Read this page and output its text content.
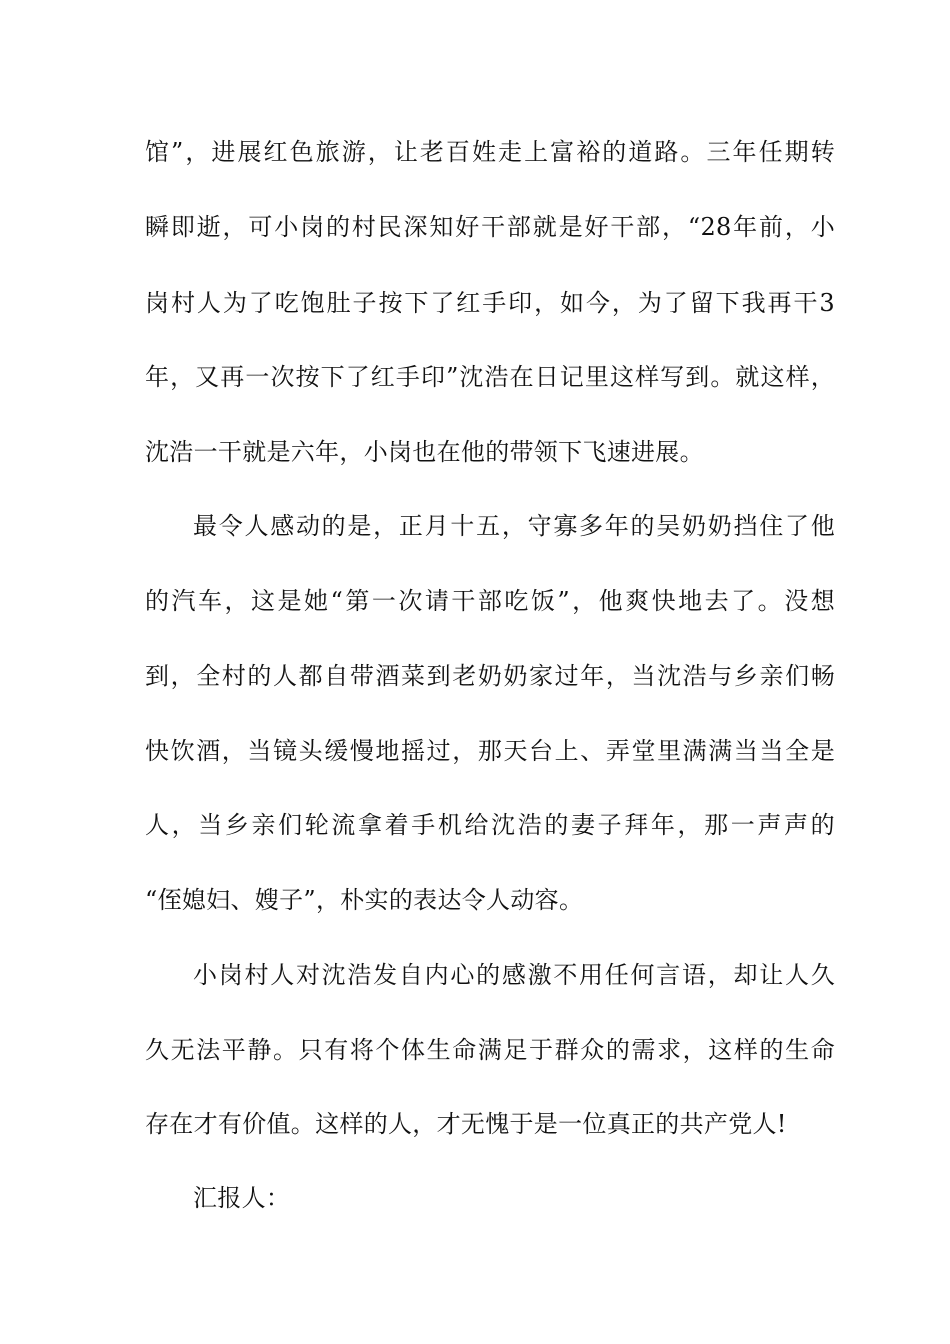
馆”，进展红色旅游，让老百姓走上富裕的道路。三年任期转
瞬即逝，可小岗的村民深知好干部就是好干部，“28年前，小
岗村人为了吃饱肚子按下了红手印，如今，为了留下我再干3
年，又再一次按下了红手印”沈浩在日记里这样写到。就这样，
沈浩一干就是六年，小岗也在他的带领下飞速进展。
最令人感动的是，正月十五，守寡多年的吴奶奶挡住了他
的汽车，这是她“第一次请干部吃饭”，他爽快地去了。没想
到，全村的人都自带酒菜到老奶奶家过年，当沈浩与乡亲们畅
快饮酒，当镜头缓慢地摇过，那天台上、弄堂里满满当当全是
人，当乡亲们轮流拿着手机给沈浩的妻子拜年，那一声声的
“侄媳妇、嫂子”，朴实的表达令人动容。
小岗村人对沈浩发自内心的感激不用任何言语，却让人久
久无法平静。只有将个体生命满足于群众的需求，这样的生命
存在才有价值。这样的人，才无愧于是一位真正的共产党人!
汇报人：
